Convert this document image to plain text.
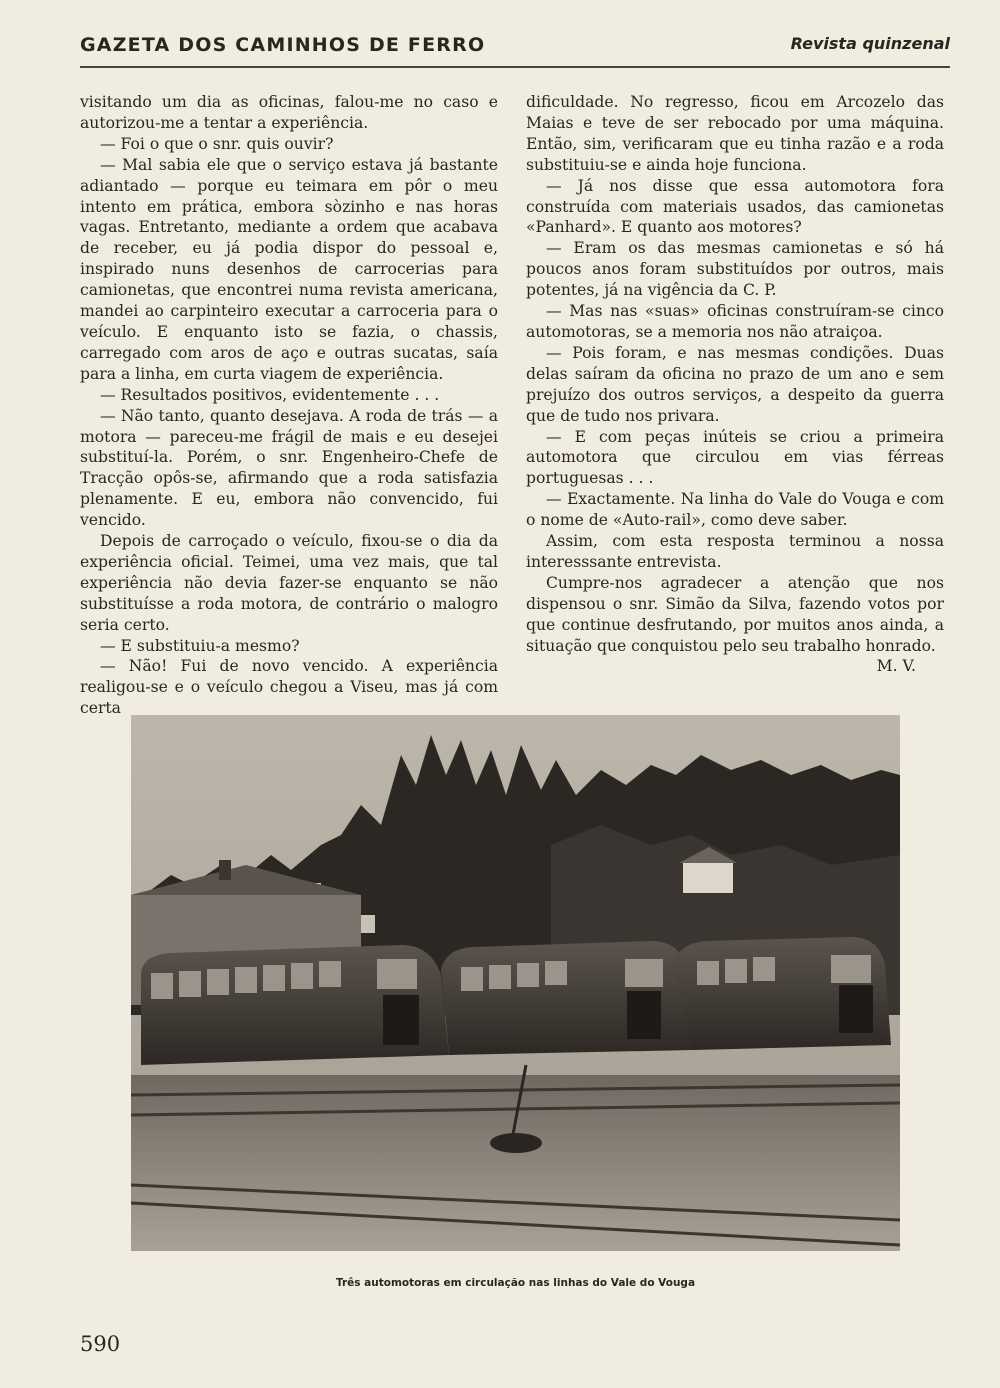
GAZETA DOS CAMINHOS DE FERRO	Revista quinzenal

visitando um dia as oficinas, falou-me no caso e autorizou-me a tentar a experiência.

— Foi o que o snr. quis ouvir?

— Mal sabia ele que o serviço estava já bastante adiantado — porque eu teimara em pôr o meu intento em prática, embora sòzinho e nas horas vagas. Entretanto, mediante a ordem que acabava de receber, eu já podia dispor do pessoal e, inspirado nuns desenhos de carrocerias para camionetas, que encontrei numa revista americana, mandei ao carpinteiro executar a carroceria para o veículo. E enquanto isto se fazia, o chassis, carregado com aros de aço e outras sucatas, saía para a linha, em curta viagem de experiência.

— Resultados positivos, evidentemente . . .

— Não tanto, quanto desejava. A roda de trás — a motora — pareceu-me frágil de mais e eu desejei substituí-la. Porém, o snr. Engenheiro-Chefe de Tracção opôs-se, afirmando que a roda satisfazia plenamente. E eu, embora não convencido, fui vencido.

Depois de carroçado o veículo, fixou-se o dia da experiência oficial. Teimei, uma vez mais, que tal experiência não devia fazer-se enquanto se não substituísse a roda motora, de contrário o malogro seria certo.

— E substituiu-a mesmo?

— Não! Fui de novo vencido. A experiência realigou-se e o veículo chegou a Viseu, mas já com certa

dificuldade. No regresso, ficou em Arcozelo das Maias e teve de ser rebocado por uma máquina. Então, sim, verificaram que eu tinha razão e a roda substituiu-se e ainda hoje funciona.

— Já nos disse que essa automotora fora construída com materiais usados, das camionetas «Panhard». E quanto aos motores?

— Eram os das mesmas camionetas e só há poucos anos foram substituídos por outros, mais potentes, já na vigência da C. P.

— Mas nas «suas» oficinas construíram-se cinco automotoras, se a memoria nos não atraiçoa.

— Pois foram, e nas mesmas condições. Duas delas saíram da oficina no prazo de um ano e sem prejuízo dos outros serviços, a despeito da guerra que de tudo nos privara.

— E com peças inúteis se criou a primeira automotora que circulou em vias férreas portuguesas . . .

— Exactamente. Na linha do Vale do Vouga e com o nome de «Auto-rail», como deve saber.

Assim, com esta resposta terminou a nossa interesssante entrevista.

Cumpre-nos agradecer a atenção que nos dispensou o snr. Simão da Silva, fazendo votos por que continue desfrutando, por muitos anos ainda, a situação que conquistou pelo seu trabalho honrado.

M. V.

Três automotoras em circulação nas linhas do Vale do Vouga
590
